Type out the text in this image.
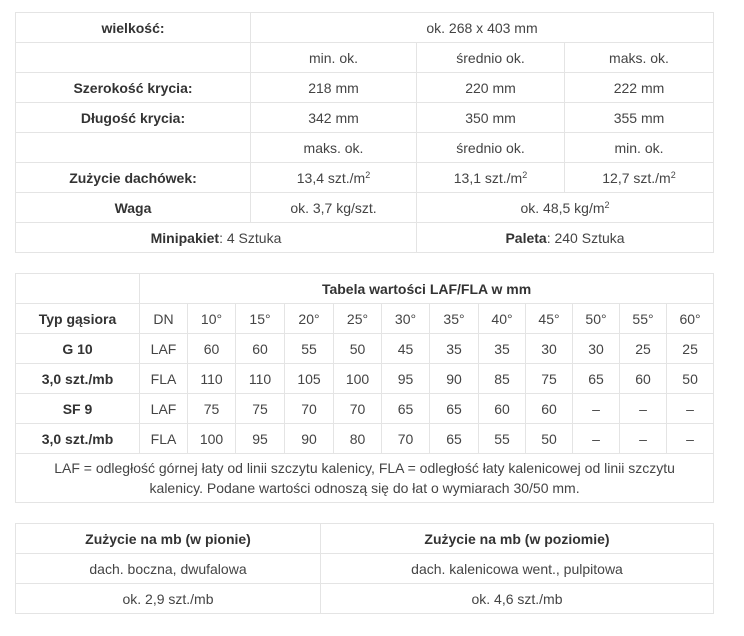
wielkość:	ok. 268 x 403 mm		
	min. ok.	średnio ok.	maks. ok.
Szerokość krycia:	218 mm	220 mm	222 mm
Długość krycia:	342 mm	350 mm	355 mm
	maks. ok.	średnio ok.	min. ok.
Zużycie dachówek:	13,4 $szt./m^2$	13,1 $szt./m^2$	12,7 $szt./m^2$
Waga	ok. 3,7 kg/szt.	ok. 48,5 $kg/m^2$
Minipakiet: 4 Sztuka		Paleta: 240 Sztuka	
	Tabela wartości LAF/FLA w mm											
Typ gąsiora	DN	10°	15°	20°	25°	30°	35°	40°	45°	50°	55°	60°
G 10	LAF	60	60	55	50	45	35	35	30	30	25	25
3,0 szt./mb	FLA	110	110	105	100	95	90	85	75	65	60	50
SF 9	LAF	75	75	70	70	65	65	60	60	–	–	–
3,0 szt./mb	FLA	100	95	90	80	70	65	55	50	–	–	–
LAF = odległość górnej łaty od linii szczytu kalenicy, FLA = odległość łaty kalenicowej od linii szczytu kalenicy. Podane wartości odnoszą się do łat o wymiarach 30/50 mm.												
Zużycie na mb (w pionie)	Zużycie na mb (w poziomie)
dach. boczna, dwufalowa	dach. kalenicowa went., pulpitowa
ok. 2,9 szt./mb	ok. 4,6 szt./mb
